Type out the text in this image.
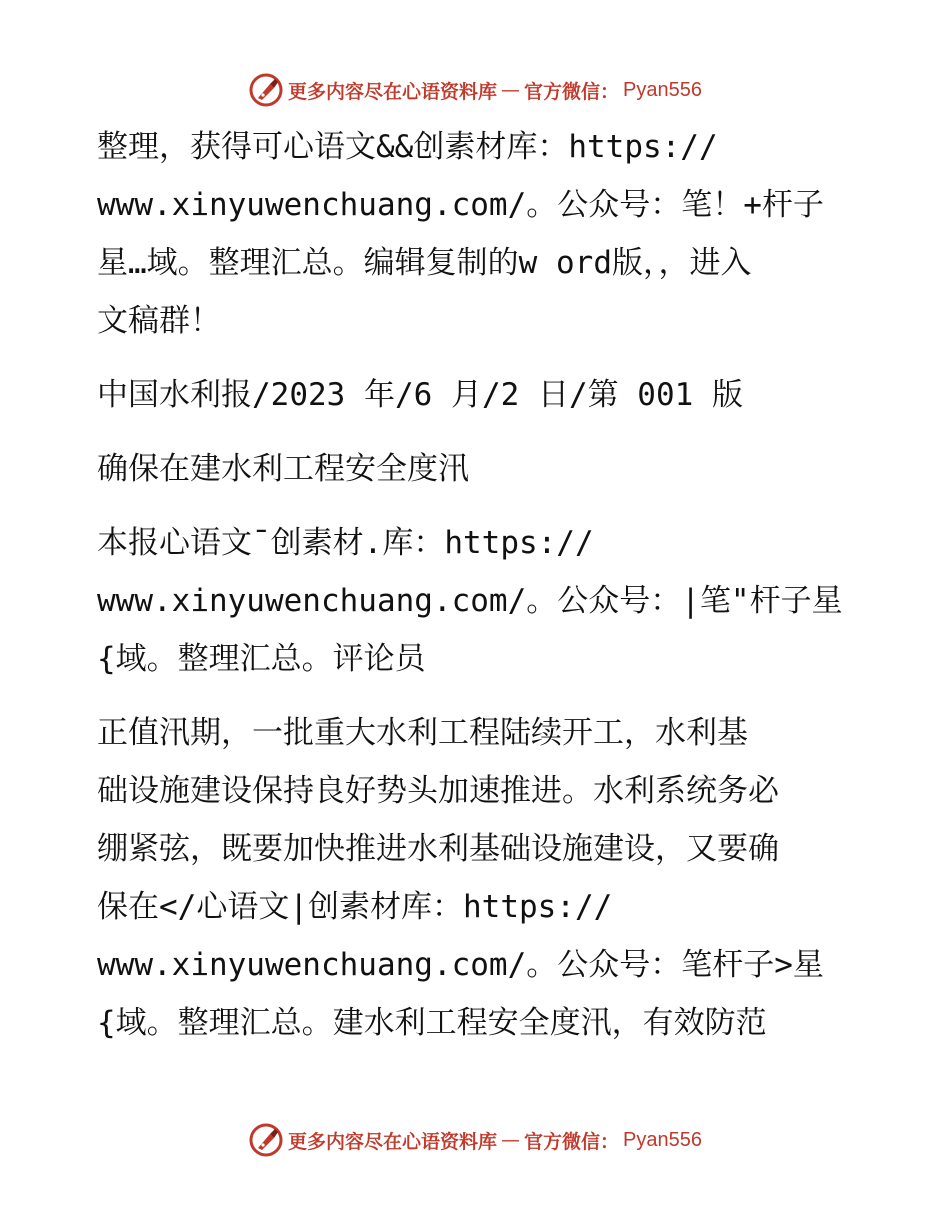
更多内容尽在心语资料库 — 官方微信： Pyan556
整理，获得可心语文&&创素材库：https://
www.xinyuwenchuang.com/。公众号：笔！+杆子
星…域。整理汇总。编辑复制的w ord版，，进入
文稿群！
中国水利报/2023 年/6 月/2 日/第 001 版
确保在建水利工程安全度汛
本报心语文¯创素材.库：https://
www.xinyuwenchuang.com/。公众号：|笔"杆子星
{域。整理汇总。评论员
正值汛期，一批重大水利工程陆续开工，水利基
础设施建设保持良好势头加速推进。水利系统务必
绷紧弦，既要加快推进水利基础设施建设，又要确
保在</心语文|创素材库：https://
www.xinyuwenchuang.com/。公众号：笔杆子>星
{域。整理汇总。建水利工程安全度汛，有效防范
更多内容尽在心语资料库 — 官方微信： Pyan556
